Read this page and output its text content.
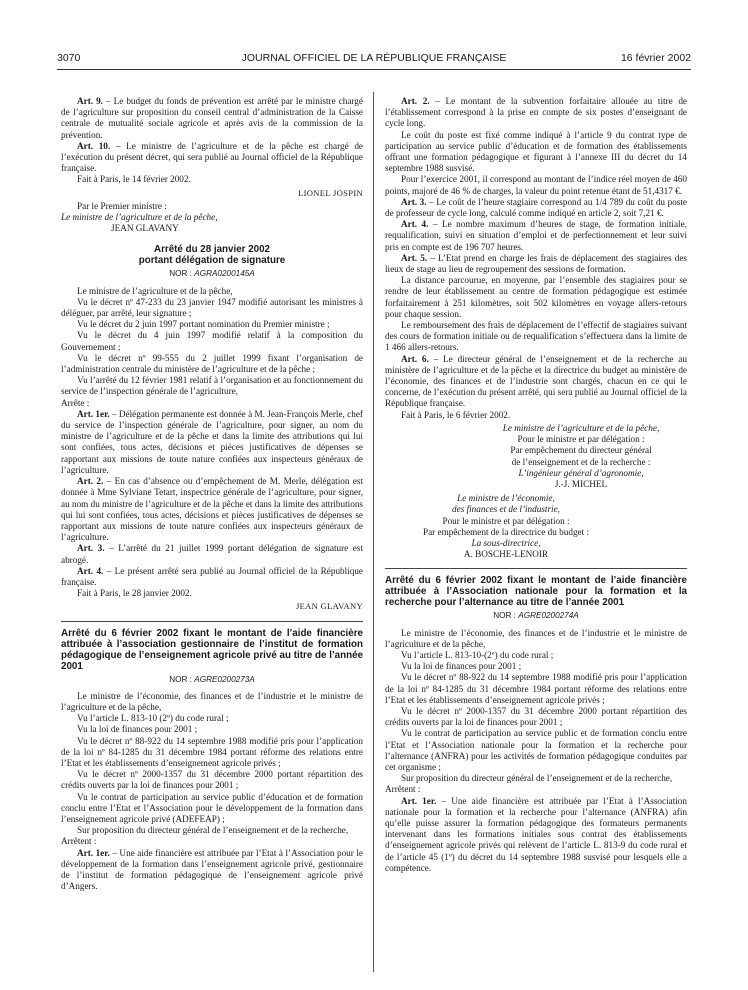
3070	JOURNAL OFFICIEL DE LA RÉPUBLIQUE FRANÇAISE	16 février 2002

Art. 9. – Le budget du fonds de prévention est arrêté par le ministre chargé de l’agriculture sur proposition du conseil central d’administration de la Caisse centrale de mutualité sociale agricole et après avis de la commission de la prévention.

Art. 10. – Le ministre de l’agriculture et de la pêche est chargé de l’exécution du présent décret, qui sera publié au Journal officiel de la République française.

Fait à Paris, le 14 février 2002.

LIONEL JOSPIN

Par le Premier ministre :

Le ministre de l’agriculture et de la pêche,

JEAN GLAVANY

Arrêté du 28 janvier 2002
portant délégation de signature
NOR : AGRA0200145A

Le ministre de l’agriculture et de la pêche,

Vu le décret nº 47-233 du 23 janvier 1947 modifié autorisant les ministres à déléguer, par arrêté, leur signature ;

Vu le décret du 2 juin 1997 portant nomination du Premier ministre ;

Vu le décret du 4 juin 1997 modifié relatif à la composition du Gouvernement ;

Vu le décret nº 99-555 du 2 juillet 1999 fixant l’organisation de l’administration centrale du ministère de l’agriculture et de la pêche ;

Vu l’arrêté du 12 février 1981 relatif à l’organisation et au fonctionnement du service de l’inspection générale de l’agriculture,

Arrête :

Art. 1er. – Délégation permanente est donnée à M. Jean-François Merle, chef du service de l’inspection générale de l’agriculture, pour signer, au nom du ministre de l’agriculture et de la pêche et dans la limite des attributions qui lui sont confiées, tous actes, décisions et pièces justificatives de dépenses se rapportant aux missions de toute nature confiées aux inspecteurs généraux de l’agriculture.

Art. 2. – En cas d’absence ou d’empêchement de M. Merle, délégation est donnée à Mme Sylviane Tetart, inspectrice générale de l’agriculture, pour signer, au nom du ministre de l’agriculture et de la pêche et dans la limite des attributions qui lui sont confiées, tous actes, décisions et pièces justificatives de dépenses se rapportant aux missions de toute nature confiées aux inspecteurs généraux de l’agriculture.

Art. 3. – L’arrêté du 21 juillet 1999 portant délégation de signature est abrogé.

Art. 4. – Le présent arrêté sera publié au Journal officiel de la République française.

Fait à Paris, le 28 janvier 2002.

JEAN GLAVANY
Arrêté du 6 février 2002 fixant le montant de l’aide financière attribuée à l’association gestionnaire de l’institut de formation pédagogique de l’enseignement agricole privé au titre de l’année 2001
NOR : AGRE0200273A

Le ministre de l’économie, des finances et de l’industrie et le ministre de l’agriculture et de la pêche,

Vu l’article L. 813-10 (2º) du code rural ;

Vu la loi de finances pour 2001 ;

Vu le décret nº 88-922 du 14 septembre 1988 modifié pris pour l’application de la loi nº 84-1285 du 31 décembre 1984 portant réforme des relations entre l’Etat et les établissements d’enseignement agricole privés ;

Vu le décret nº 2000-1357 du 31 décembre 2000 portant répartition des crédits ouverts par la loi de finances pour 2001 ;

Vu le contrat de participation au service public d’éducation et de formation conclu entre l’Etat et l’Association pour le développement de la formation dans l’enseignement agricole privé (ADEFEAP) ;

Sur proposition du directeur général de l’enseignement et de la recherche,

Arrêtent :

Art. 1er. – Une aide financière est attribuée par l’Etat à l’Association pour le développement de la formation dans l’enseignement agricole privé, gestionnaire de l’institut de formation pédagogique de l’enseignement agricole privé d’Angers.

Art. 2. – Le montant de la subvention forfaitaire allouée au titre de l’établissement correspond à la prise en compte de six postes d’enseignant de cycle long.

Le coût du poste est fixé comme indiqué à l’article 9 du contrat type de participation au service public d’éducation et de formation des établissements offrant une formation pédagogique et figurant à l’annexe III du décret du 14 septembre 1988 susvisé.

Pour l’exercice 2001, il correspond au montant de l’indice réel moyen de 460 points, majoré de 46 % de charges, la valeur du point retenue étant de 51,4317 €.

Art. 3. – Le coût de l’heure stagiaire correspond au 1/4 789 du coût du poste de professeur de cycle long, calculé comme indiqué en article 2, soit 7,21 €.

Art. 4. – Le nombre maximum d’heures de stage, de formation initiale, requalification, suivi en situation d’emploi et de perfectionnement et leur suivi pris en compte est de 196 707 heures.

Art. 5. – L’Etat prend en charge les frais de déplacement des stagiaires des lieux de stage au lieu de regroupement des sessions de formation.

La distance parcourue, en moyenne, par l’ensemble des stagiaires pour se rendre de leur établissement au centre de formation pédagogique est estimée forfaitairement à 251 kilomètres, soit 502 kilomètres en voyage allers-retours pour chaque session.

Le remboursement des frais de déplacement de l’effectif de stagiaires suivant des cours de formation initiale ou de requalification s’effectuera dans la limite de 1 466 allers-retours.

Art. 6. – Le directeur général de l’enseignement et de la recherche au ministère de l’agriculture et de la pêche et la directrice du budget au ministère de l’économie, des finances et de l’industrie sont chargés, chacun en ce qui le concerne, de l’exécution du présent arrêté, qui sera publié au Journal officiel de la République française.

Fait à Paris, le 6 février 2002.

Le ministre de l’agriculture et de la pêche,
Pour le ministre et par délégation :
Par empêchement du directeur général
de l’enseignement et de la recherche :
L’ingénieur général d’agronomie,
J.-J. MICHEL
Le ministre de l’économie,
des finances et de l’industrie,
Pour le ministre et par délégation :
Par empêchement de la directrice du budget :
La sous-directrice,
A. BOSCHE-LENOIR
Arrêté du 6 février 2002 fixant le montant de l’aide financière attribuée à l’Association nationale pour la formation et la recherche pour l’alternance au titre de l’année 2001
NOR : AGRE0200274A

Le ministre de l’économie, des finances et de l’industrie et le ministre de l’agriculture et de la pêche,

Vu l’article L. 813-10-(2º) du code rural ;

Vu la loi de finances pour 2001 ;

Vu le décret nº 88-922 du 14 septembre 1988 modifié pris pour l’application de la loi nº 84-1285 du 31 décembre 1984 portant réforme des relations entre l’Etat et les établissements d’enseignement agricole privés ;

Vu le décret nº 2000-1357 du 31 décembre 2000 portant répartition des crédits ouverts par la loi de finances pour 2001 ;

Vu le contrat de participation au service public et de formation conclu entre l’Etat et l’Association nationale pour la formation et la recherche pour l’alternance (ANFRA) pour les activités de formation pédagogique conduites par cet organisme ;

Sur proposition du directeur général de l’enseignement et de la recherche,

Arrêtent :

Art. 1er. – Une aide financière est attribuée par l’Etat à l’Association nationale pour la formation et la recherche pour l’alternance (ANFRA) afin qu’elle puisse assurer la formation pédagogique des formateurs permanents intervenant dans les formations initiales sous contrat des établissements d’enseignement agricole privés qui relèvent de l’article L. 813-9 du code rural et de l’article 45 (1º) du décret du 14 septembre 1988 susvisé pour lesquels elle a compétence.
